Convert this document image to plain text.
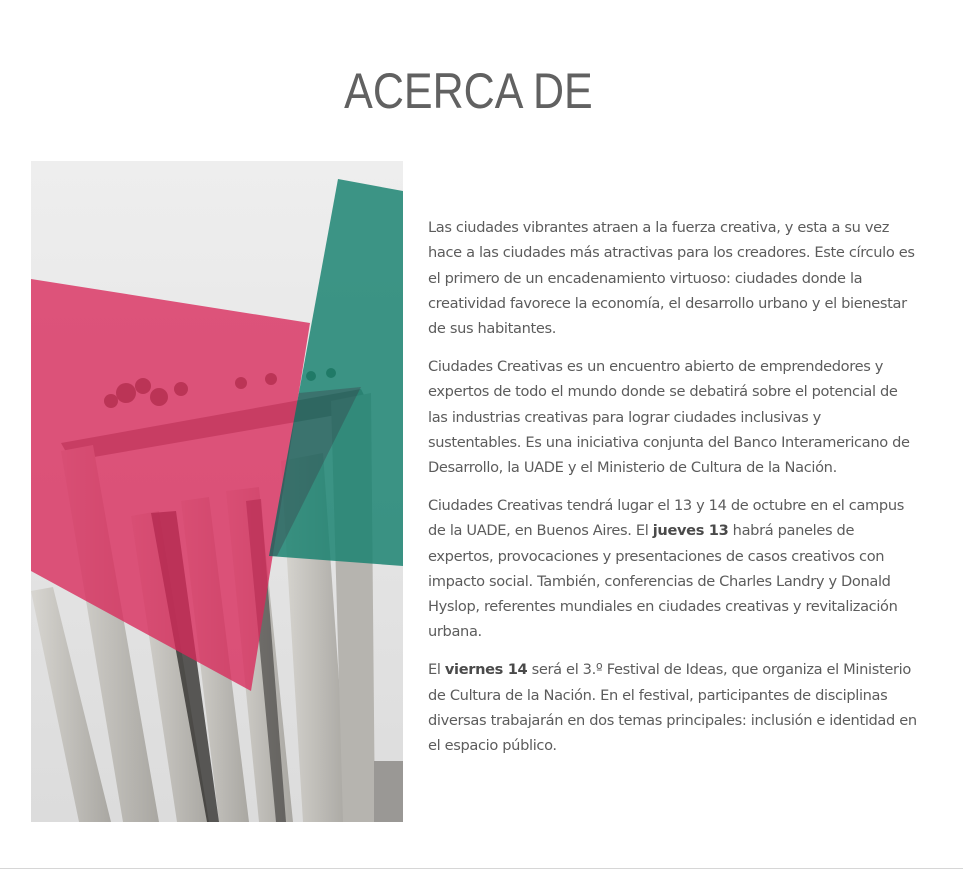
ACERCA DE

Las ciudades vibrantes atraen a la fuerza creativa, y esta a su vez hace a las ciudades más atractivas para los creadores. Este círculo es el primero de un encadenamiento virtuoso: ciudades donde la creatividad favorece la economía, el desarrollo urbano y el bienestar de sus habitantes.

Ciudades Creativas es un encuentro abierto de emprendedores y expertos de todo el mundo donde se debatirá sobre el potencial de las industrias creativas para lograr ciudades inclusivas y sustentables. Es una iniciativa conjunta del Banco Interamericano de Desarrollo, la UADE y el Ministerio de Cultura de la Nación.

Ciudades Creativas tendrá lugar el 13 y 14 de octubre en el campus de la UADE, en Buenos Aires. El jueves 13 habrá paneles de expertos, provocaciones y presentaciones de casos creativos con impacto social. También, conferencias de Charles Landry y Donald Hyslop, referentes mundiales en ciudades creativas y revitalización urbana.

El viernes 14 será el 3.º Festival de Ideas, que organiza el Ministerio de Cultura de la Nación. En el festival, participantes de disciplinas diversas trabajarán en dos temas principales: inclusión e identidad en el espacio público.
